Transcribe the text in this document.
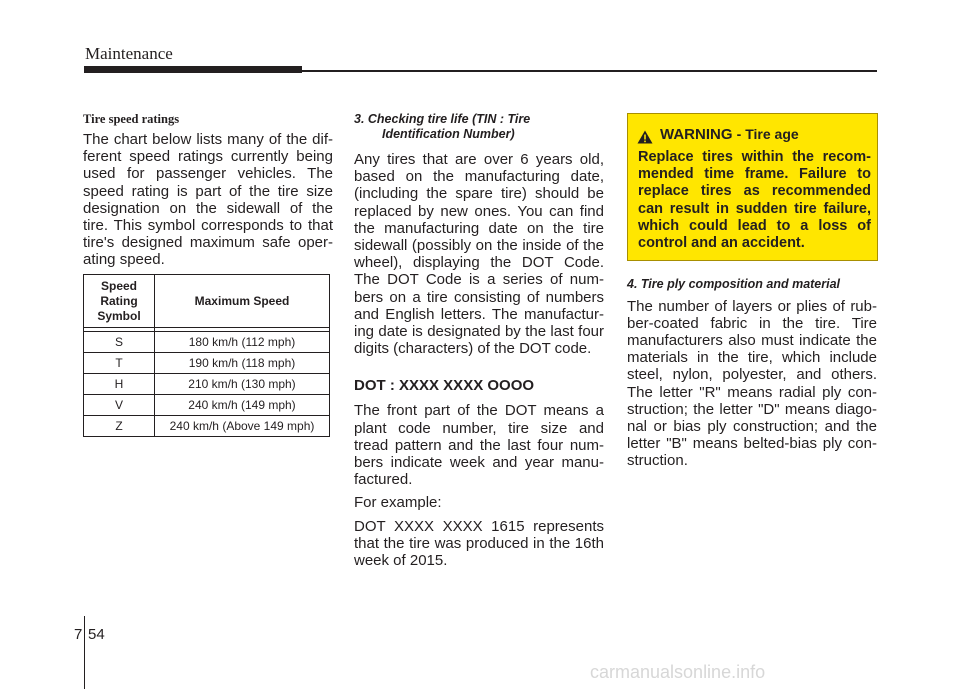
Maintenance

Tire speed ratings

The chart below lists many of the dif-ferent speed ratings currently being used for passenger vehicles. The speed rating is part of the tire size designation on the sidewall of the tire. This symbol corresponds to that tire's designed maximum safe oper-ating speed.

Speed
Rating
Symbol	Maximum Speed

S	180 km/h (112 mph)
T	190 km/h (118 mph)
H	210 km/h (130 mph)
V	240 km/h (149 mph)
Z	240 km/h (Above 149 mph)

3. Checking tire life (TIN : Tire
Identification Number)

Any tires that are over 6 years old, based on the manufacturing date, (including the spare tire) should be replaced by new ones. You can find the manufacturing date on the tire sidewall (possibly on the inside of the wheel), displaying the DOT Code. The DOT Code is a series of num-bers on a tire consisting of numbers and English letters. The manufactur-ing date is designated by the last four digits (characters) of the DOT code.

DOT : XXXX XXXX OOOO

The front part of the DOT means a plant code number, tire size and tread pattern and the last four num-bers indicate week and year manu-factured.

For example:

DOT XXXX XXXX 1615 represents that the tire was produced in the 16th week of 2015.

WARNING - Tire age
Replace tires within the recom-mended time frame. Failure to replace tires as recommended can result in sudden tire failure, which could lead to a loss of control and an accident.

4. Tire ply composition and material

The number of layers or plies of rub-ber-coated fabric in the tire. Tire manufacturers also must indicate the materials in the tire, which include steel, nylon, polyester, and others. The letter "R" means radial ply con-struction; the letter "D" means diago-nal or bias ply construction; and the letter "B" means belted-bias ply con-struction.

7 54
carmanualsonline.info
